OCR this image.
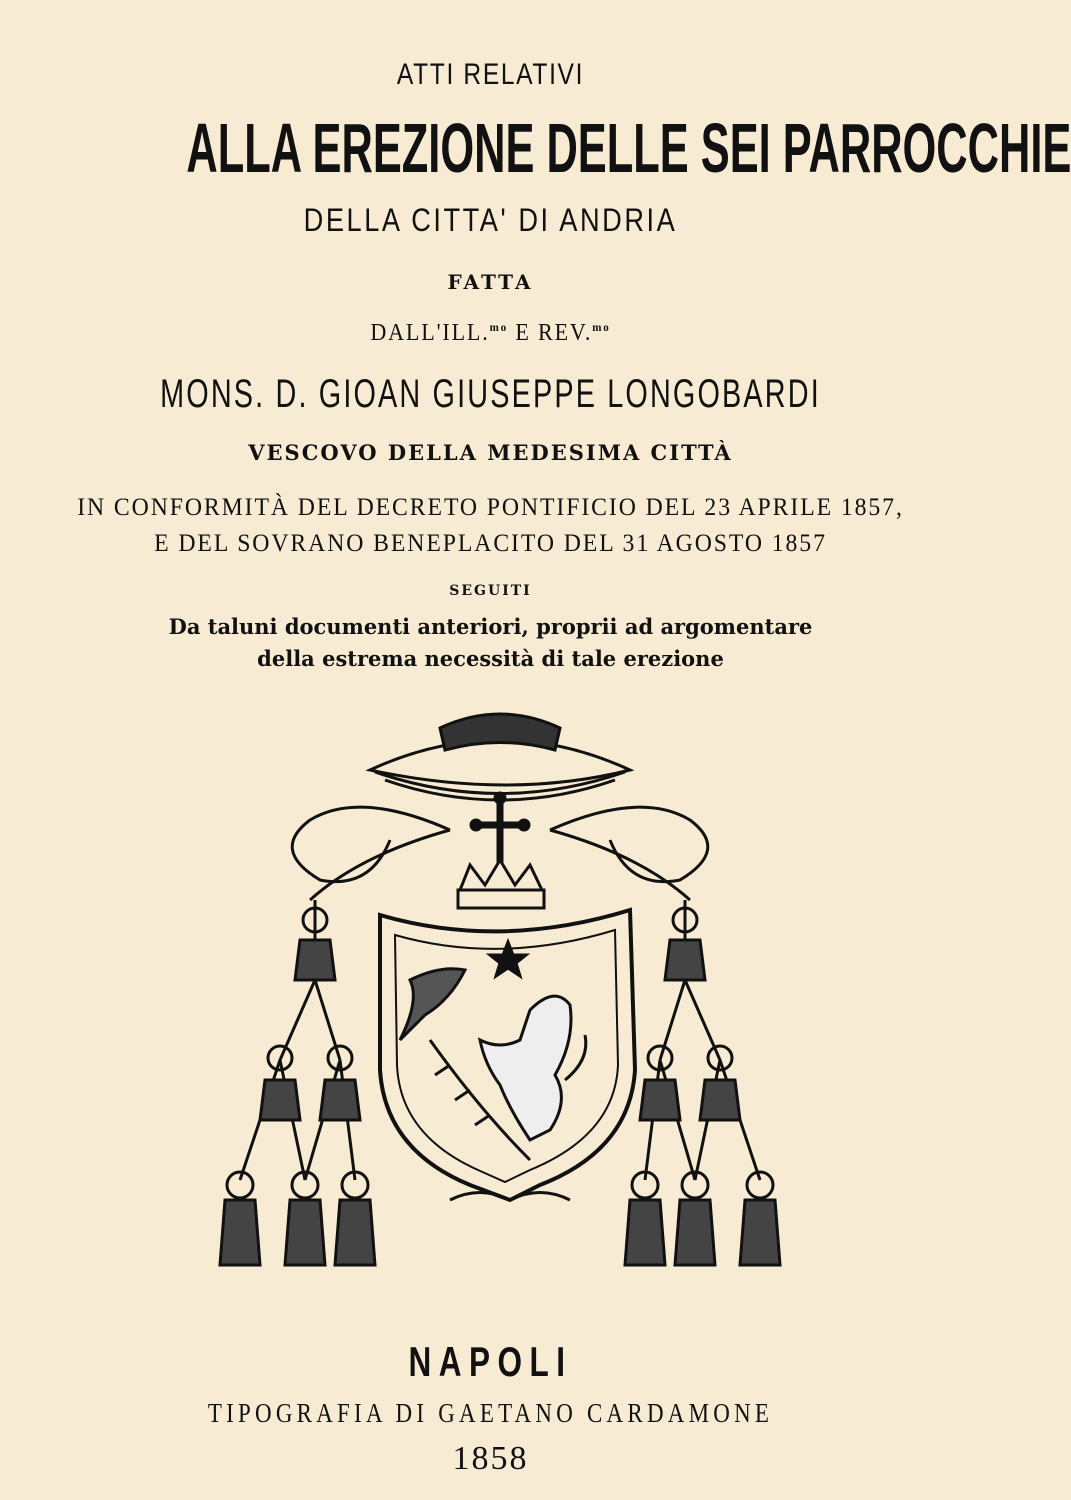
ATTI RELATIVI
ALLA EREZIONE DELLE SEI PARROCCHIE
DELLA CITTA' DI ANDRIA
FATTA
DALL'ILL.$^{mo}$ E REV.$^{mo}$
MONS. D. GIOAN GIUSEPPE LONGOBARDI
VESCOVO DELLA MEDESIMA CITTÀ
IN CONFORMITÀ DEL DECRETO PONTIFICIO DEL 23 APRILE 1857,
E DEL SOVRANO BENEPLACITO DEL 31 AGOSTO 1857
SEGUITI
Da taluni documenti anteriori, proprii ad argomentare
della estrema necessità di tale erezione
NAPOLI
TIPOGRAFIA DI GAETANO CARDAMONE
1858
